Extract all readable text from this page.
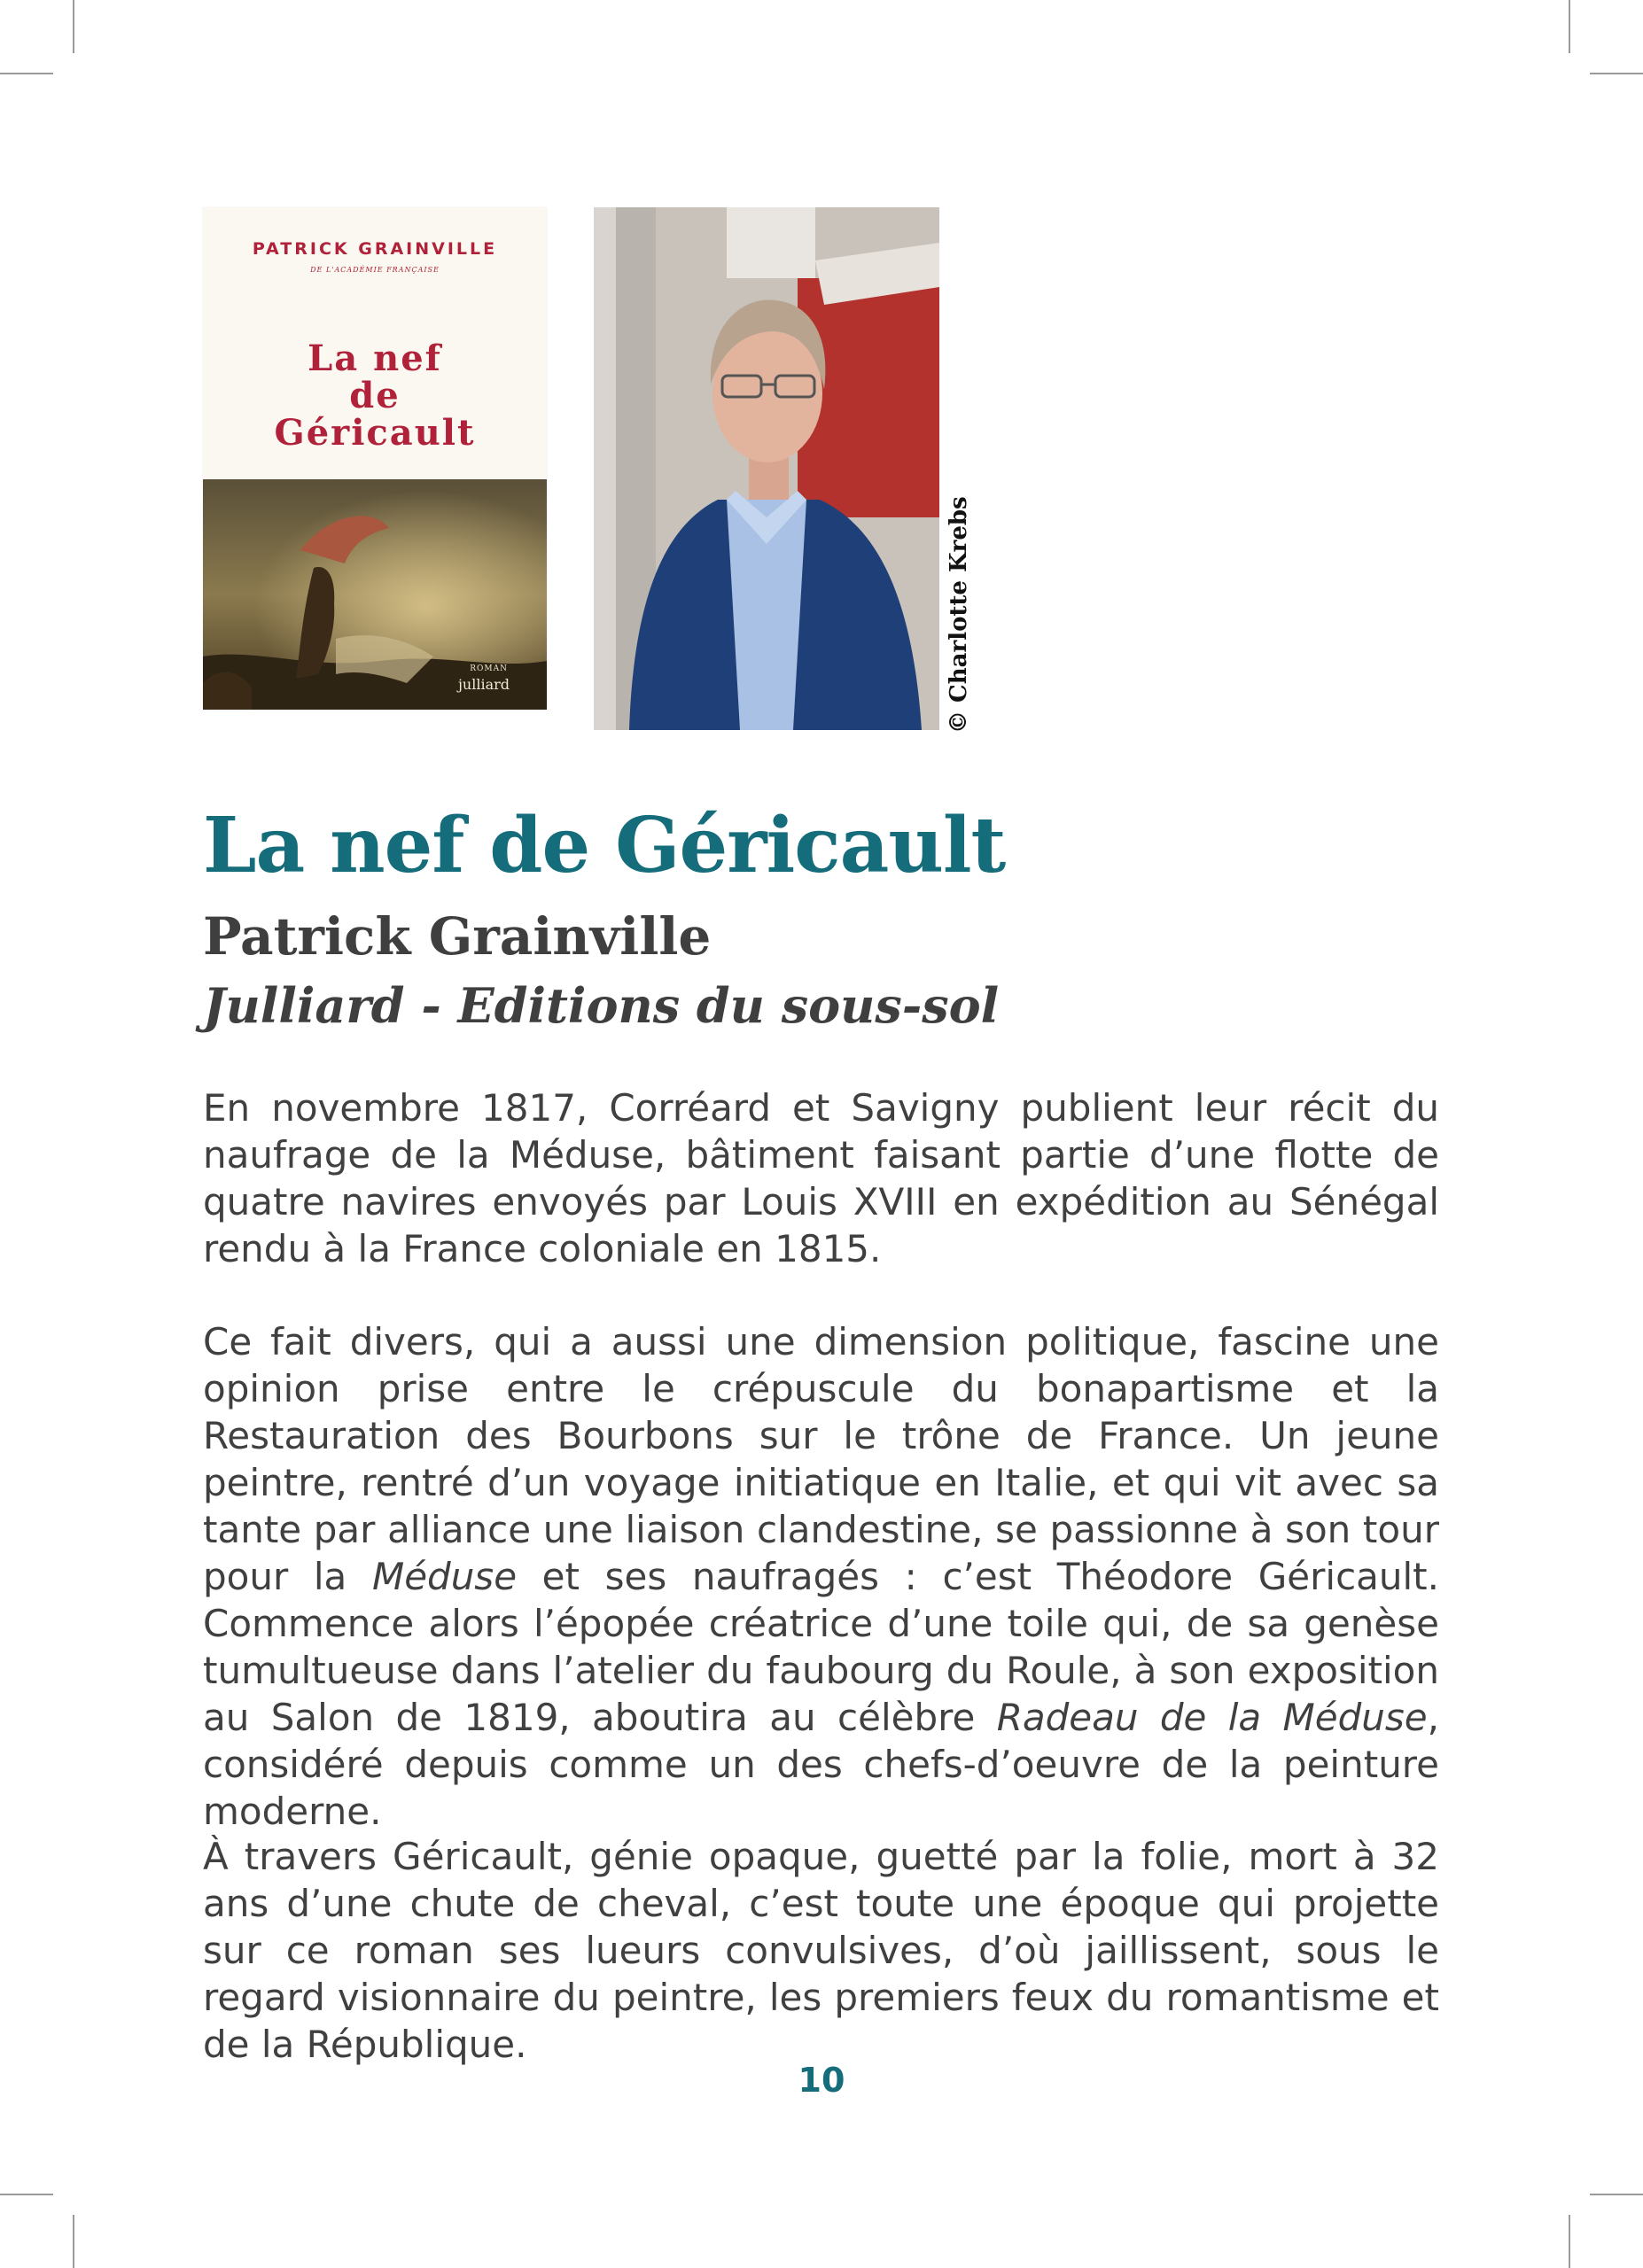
PATRICK GRAINVILLE
DE L'ACADÉMIE FRANÇAISE
La nef
de
Géricault
ROMAN
julliard	© Charlotte Krebs
La nef de Géricault
Patrick Grainville
Julliard - Editions du sous-sol

En novembre 1817, Corréard et Savigny publient leur récit du naufrage de la Méduse, bâtiment faisant partie d’une flotte de quatre navires envoyés par Louis XVIII en expédition au Sénégal rendu à la France coloniale en 1815.

Ce fait divers, qui a aussi une dimension politique, fascine une opinion prise entre le crépuscule du bonapartisme et la Restauration des Bourbons sur le trône de France. Un jeune peintre, rentré d’un voyage initiatique en Italie, et qui vit avec sa tante par alliance une liaison clandestine, se passionne à son tour pour la Méduse et ses naufragés : c’est Théodore Géricault. Commence alors l’épopée créatrice d’une toile qui, de sa genèse tumultueuse dans l’atelier du faubourg du Roule, à son exposition au Salon de 1819, aboutira au célèbre Radeau de la Méduse, considéré depuis comme un des chefs-d’oeuvre de la peinture moderne.

À travers Géricault, génie opaque, guetté par la folie, mort à 32 ans d’une chute de cheval, c’est toute une époque qui projette sur ce roman ses lueurs convulsives, d’où jaillissent, sous le regard visionnaire du peintre, les premiers feux du romantisme et de la République.

10
